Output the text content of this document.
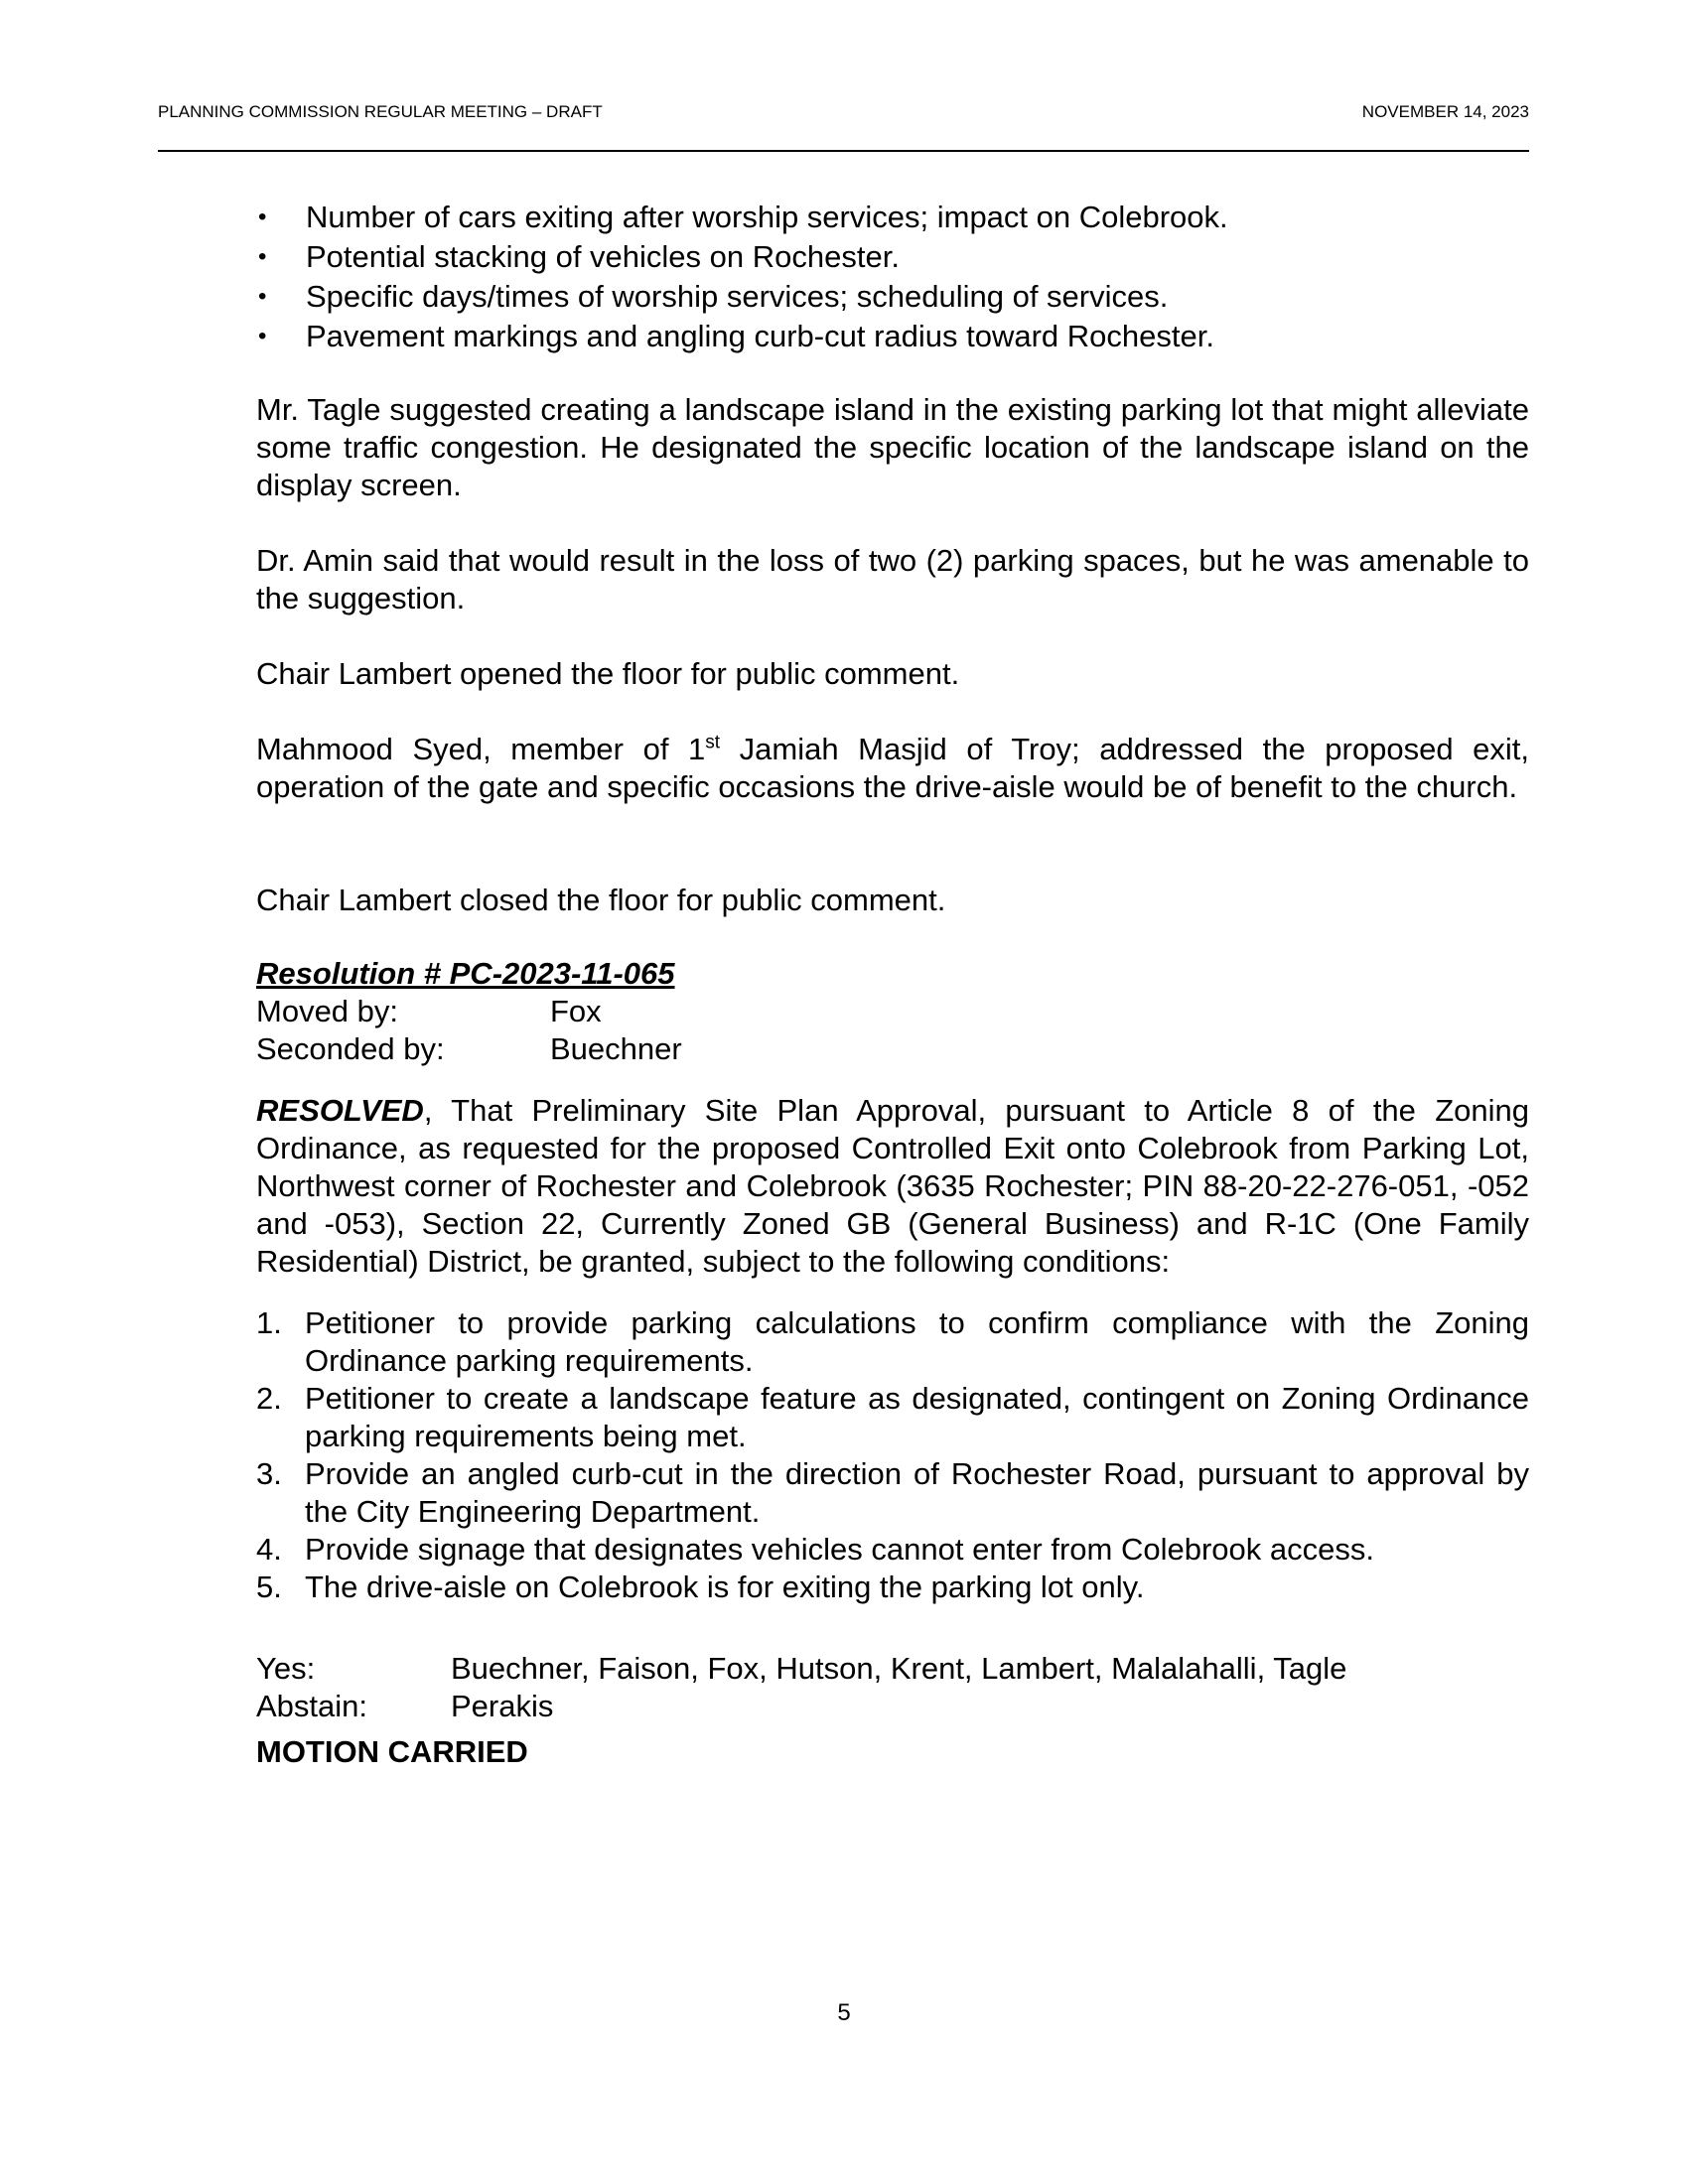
PLANNING COMMISSION REGULAR MEETING – DRAFT	NOVEMBER 14, 2023
• Number of cars exiting after worship services; impact on Colebrook.
• Potential stacking of vehicles on Rochester.
• Specific days/times of worship services; scheduling of services.
• Pavement markings and angling curb-cut radius toward Rochester.

Mr. Tagle suggested creating a landscape island in the existing parking lot that might alleviate some traffic congestion. He designated the specific location of the landscape island on the display screen.

Dr. Amin said that would result in the loss of two (2) parking spaces, but he was amenable to the suggestion.

Chair Lambert opened the floor for public comment.

Mahmood Syed, member of 1st Jamiah Masjid of Troy; addressed the proposed exit, operation of the gate and specific occasions the drive-aisle would be of benefit to the church.

Chair Lambert closed the floor for public comment.

Resolution # PC-2023-11-065
Moved by:	Fox
Seconded by:	Buechner

RESOLVED, That Preliminary Site Plan Approval, pursuant to Article 8 of the Zoning Ordinance, as requested for the proposed Controlled Exit onto Colebrook from Parking Lot, Northwest corner of Rochester and Colebrook (3635 Rochester; PIN 88-20-22-276-051, -052 and -053), Section 22, Currently Zoned GB (General Business) and R-1C (One Family Residential) District, be granted, subject to the following conditions:

1. Petitioner to provide parking calculations to confirm compliance with the Zoning Ordinance parking requirements.
2. Petitioner to create a landscape feature as designated, contingent on Zoning Ordinance parking requirements being met.
3. Provide an angled curb-cut in the direction of Rochester Road, pursuant to approval by the City Engineering Department.
4. Provide signage that designates vehicles cannot enter from Colebrook access.
5. The drive-aisle on Colebrook is for exiting the parking lot only.
Yes:	Buechner, Faison, Fox, Hutson, Krent, Lambert, Malalahalli, Tagle
Abstain:	Perakis
MOTION CARRIED
5
